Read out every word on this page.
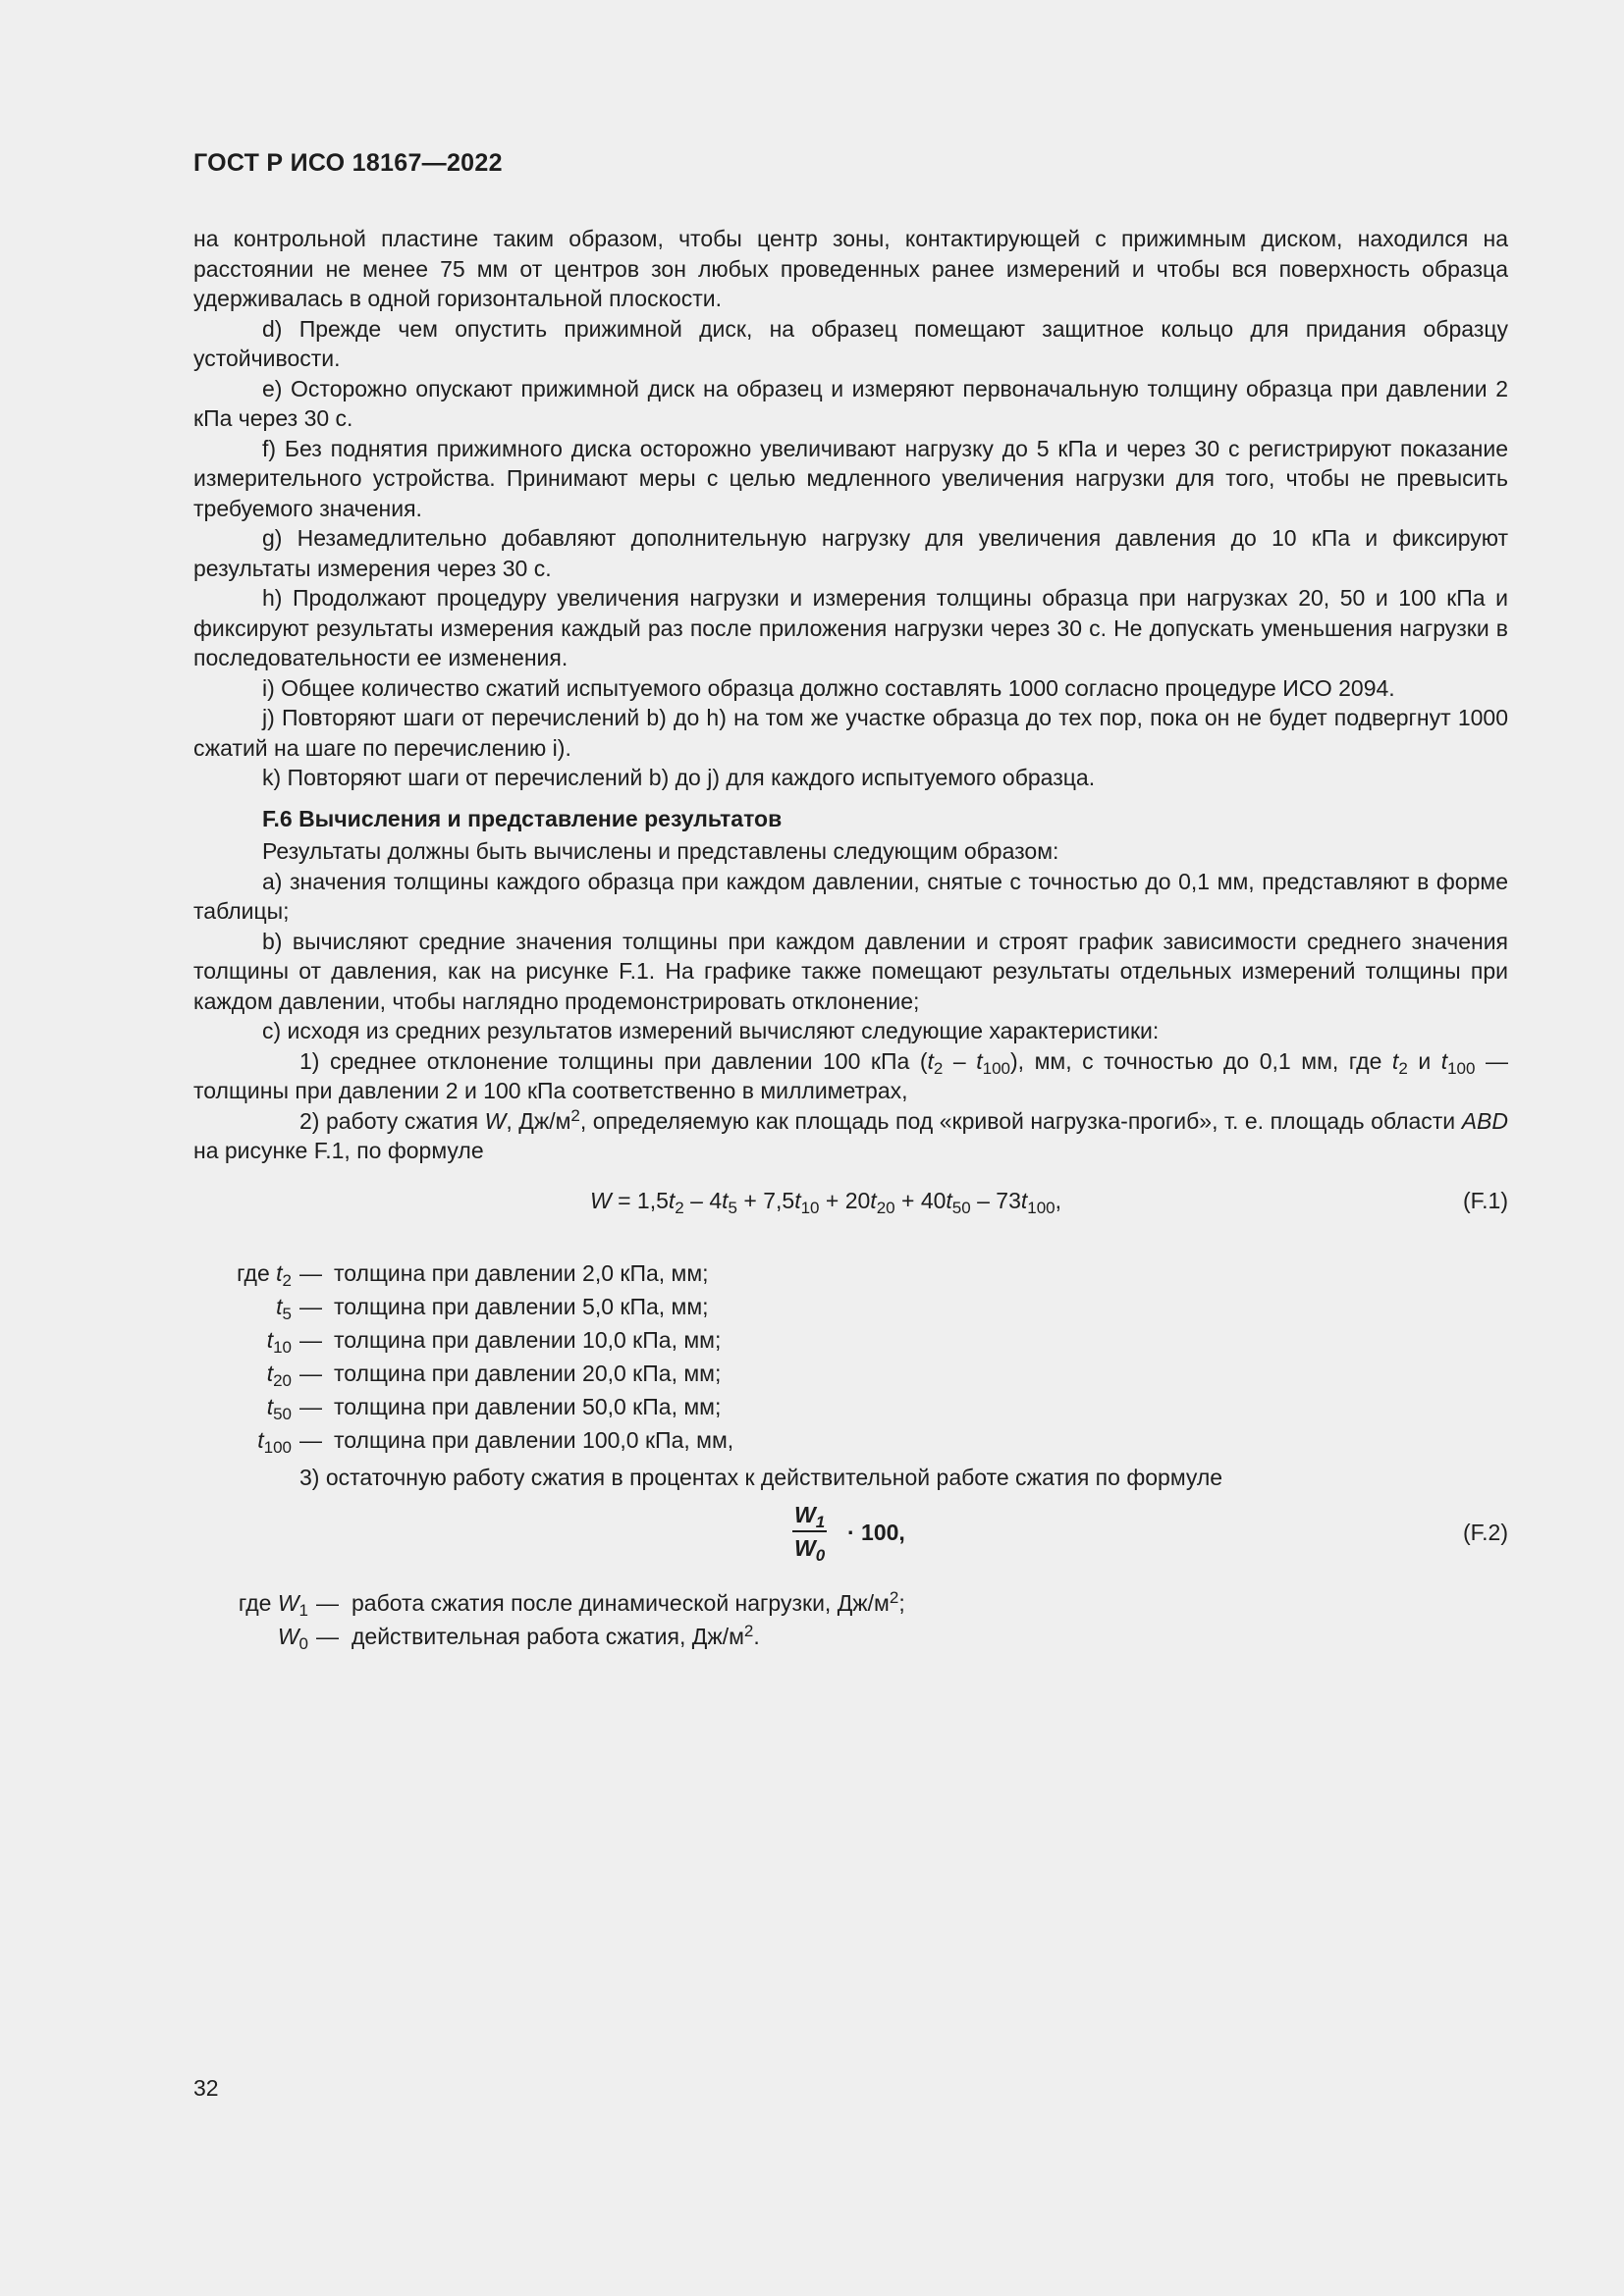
ГОСТ Р ИСО 18167—2022

на контрольной пластине таким образом, чтобы центр зоны, контактирующей с прижимным диском, находился на расстоянии не менее 75 мм от центров зон любых проведенных ранее измерений и чтобы вся поверхность образца удерживалась в одной горизонтальной плоскости.

d) Прежде чем опустить прижимной диск, на образец помещают защитное кольцо для придания образцу устойчивости.

e) Осторожно опускают прижимной диск на образец и измеряют первоначальную толщину образца при давлении 2 кПа через 30 с.

f) Без поднятия прижимного диска осторожно увеличивают нагрузку до 5 кПа и через 30 с регистрируют показание измерительного устройства. Принимают меры с целью медленного увеличения нагрузки для того, чтобы не превысить требуемого значения.

g) Незамедлительно добавляют дополнительную нагрузку для увеличения давления до 10 кПа и фиксируют результаты измерения через 30 с.

h) Продолжают процедуру увеличения нагрузки и измерения толщины образца при нагрузках 20, 50 и 100 кПа и фиксируют результаты измерения каждый раз после приложения нагрузки через 30 с. Не допускать уменьшения нагрузки в последовательности ее изменения.

i) Общее количество сжатий испытуемого образца должно составлять 1000 согласно процедуре ИСО 2094.

j) Повторяют шаги от перечислений b) до h) на том же участке образца до тех пор, пока он не будет подвергнут 1000 сжатий на шаге по перечислению i).

k) Повторяют шаги от перечислений b) до j) для каждого испытуемого образца.

F.6 Вычисления и представление результатов

Результаты должны быть вычислены и представлены следующим образом:

a) значения толщины каждого образца при каждом давлении, снятые с точностью до 0,1 мм, представляют в форме таблицы;

b) вычисляют средние значения толщины при каждом давлении и строят график зависимости среднего значения толщины от давления, как на рисунке F.1. На графике также помещают результаты отдельных измерений толщины при каждом давлении, чтобы наглядно продемонстрировать отклонение;

c) исходя из средних результатов измерений вычисляют следующие характеристики:

1) среднее отклонение толщины при давлении 100 кПа $(t_2 - t_{100})$, мм, с точностью до 0,1 мм, где $t_2$ и $t_{100}$ — толщины при давлении 2 и 100 кПа соответственно в миллиметрах,

2) работу сжатия W, $Дж/м^2$, определяемую как площадь под «кривой нагрузка-прогиб», т. е. площадь области ABD на рисунке F.1, по формуле

$W = 1,5t_2 - 4t_5 + 7,5t_{10} + 20t_{20} + 40t_{50} - 73t_{100}$,	(F.1)
где $t_2$	—	толщина при давлении 2,0 кПа, мм;
$t_5$	—	толщина при давлении 5,0 кПа, мм;
$t_{10}$	—	толщина при давлении 10,0 кПа, мм;
$t_{20}$	—	толщина при давлении 20,0 кПа, мм;
$t_{50}$	—	толщина при давлении 50,0 кПа, мм;
$t_{100}$	—	толщина при давлении 100,0 кПа, мм,

3) остаточную работу сжатия в процентах к действительной работе сжатия по формуле

$\frac{W_1}{W_0} \cdot 100$,	(F.2)
где $W_1$	—	работа сжатия после динамической нагрузки, $Дж/м^2$;
$W_0$	—	действительная работа сжатия, $Дж/м^2$.
32
